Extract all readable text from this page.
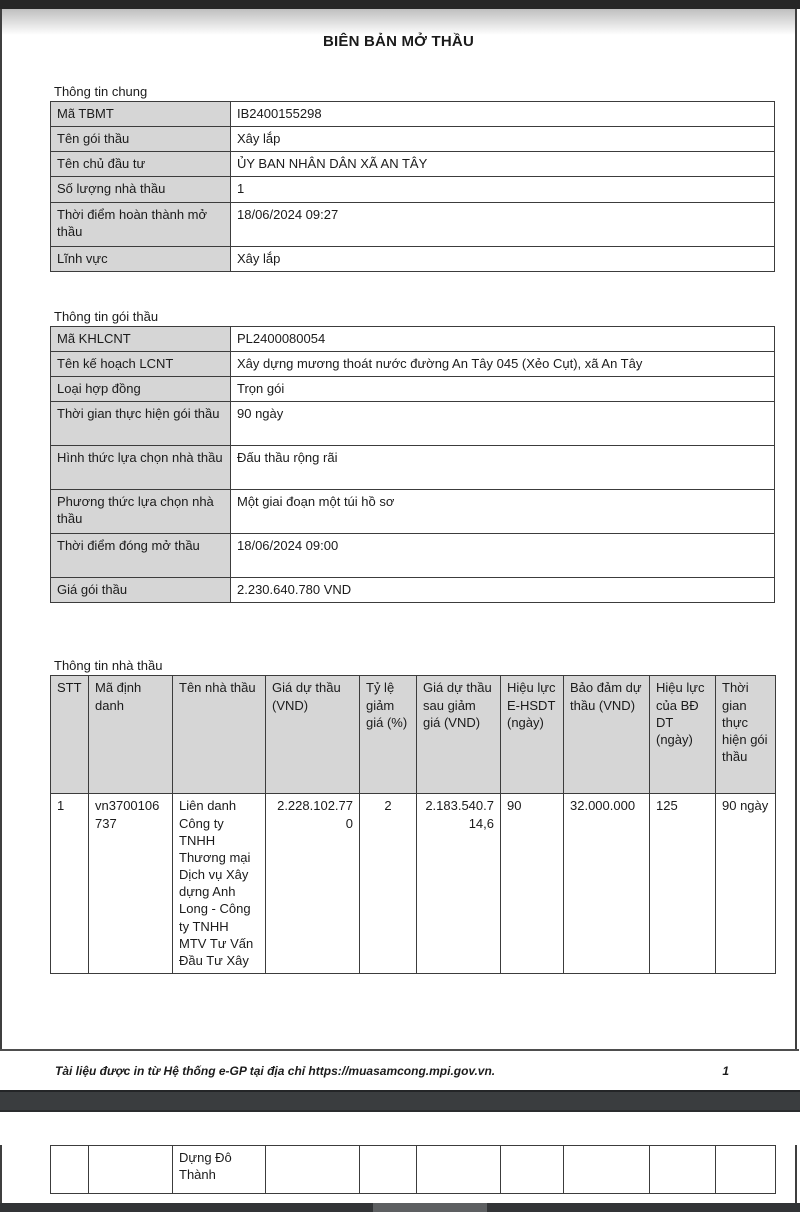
BIÊN BẢN MỞ THẦU
Thông tin chung
Mã TBMT	IB2400155298
Tên gói thầu	Xây lắp
Tên chủ đầu tư	ỦY BAN NHÂN DÂN XÃ AN TÂY
Số lượng nhà thầu	1
Thời điểm hoàn thành mở thầu	18/06/2024 09:27
Lĩnh vực	Xây lắp
Thông tin gói thầu
Mã KHLCNT	PL2400080054
Tên kế hoạch LCNT	Xây dựng mương thoát nước đường An Tây 045 (Xẻo Cụt), xã An Tây
Loại hợp đồng	Trọn gói
Thời gian thực hiện gói thầu	90 ngày
Hình thức lựa chọn nhà thầu	Đấu thầu rộng rãi
Phương thức lựa chọn nhà thầu	Một giai đoạn một túi hồ sơ
Thời điểm đóng mở thầu	18/06/2024 09:00
Giá gói thầu	2.230.640.780 VND
Thông tin nhà thầu
STT	Mã định danh	Tên nhà thầu	Giá dự thầu (VND)	Tỷ lệ giảm giá (%)	Giá dự thầu sau giảm giá (VND)	Hiệu lực E-HSDT (ngày)	Bảo đảm dự thầu (VND)	Hiệu lực của BĐ DT (ngày)	Thời gian thực hiện gói thầu
1	vn3700106737	Liên danh Công ty TNHH Thương mại Dịch vụ Xây dựng Anh Long - Công ty TNHH MTV Tư Vấn Đầu Tư Xây	2.228.102.770	2	2.183.540.714,6	90	32.000.000	125	90 ngày
Tài liệu được in từ Hệ thống e-GP tại địa chỉ https://muasamcong.mpi.gov.vn.	1
		Dựng Đô Thành							
